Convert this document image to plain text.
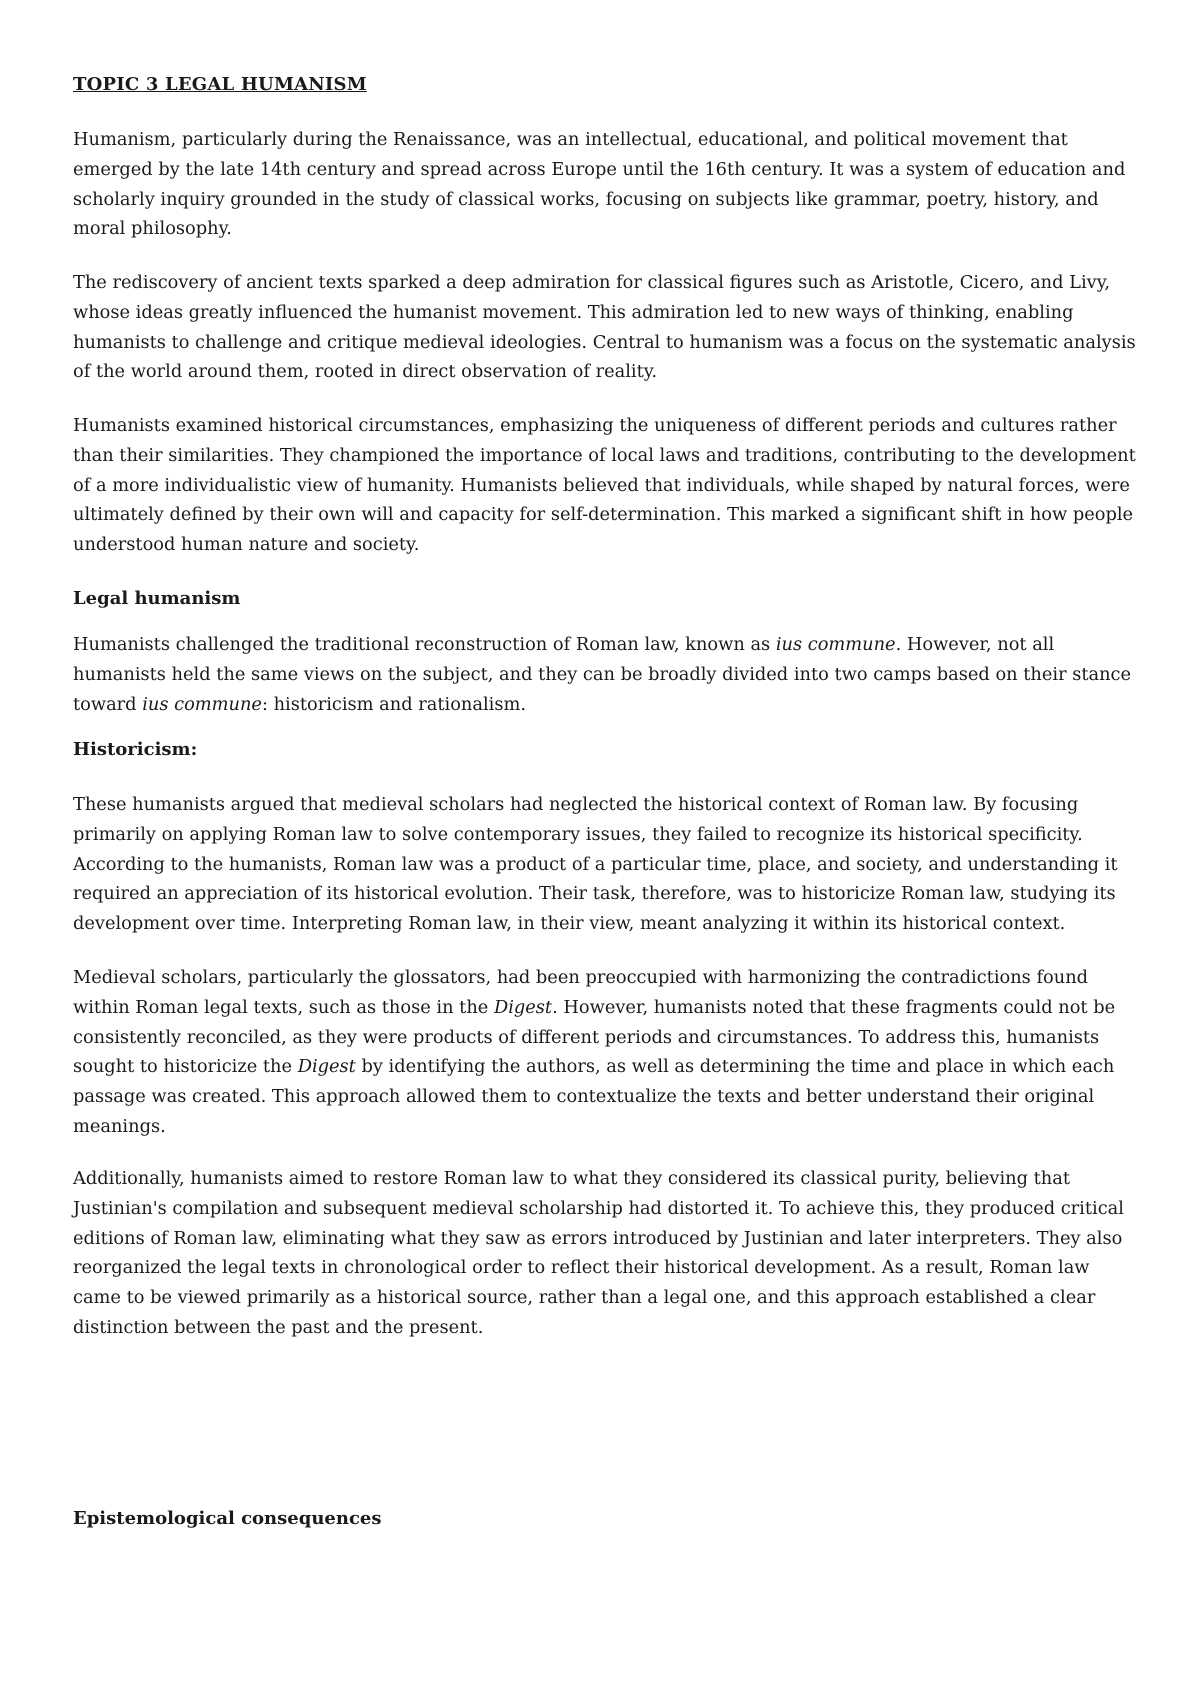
TOPIC 3 LEGAL HUMANISM
Humanism, particularly during the Renaissance, was an intellectual, educational, and political movement that emerged by the late 14th century and spread across Europe until the 16th century. It was a system of education and scholarly inquiry grounded in the study of classical works, focusing on subjects like grammar, poetry, history, and moral philosophy.
The rediscovery of ancient texts sparked a deep admiration for classical figures such as Aristotle, Cicero, and Livy, whose ideas greatly influenced the humanist movement. This admiration led to new ways of thinking, enabling humanists to challenge and critique medieval ideologies. Central to humanism was a focus on the systematic analysis of the world around them, rooted in direct observation of reality.
Humanists examined historical circumstances, emphasizing the uniqueness of different periods and cultures rather than their similarities. They championed the importance of local laws and traditions, contributing to the development of a more individualistic view of humanity. Humanists believed that individuals, while shaped by natural forces, were ultimately defined by their own will and capacity for self-determination. This marked a significant shift in how people understood human nature and society.
Legal humanism
Humanists challenged the traditional reconstruction of Roman law, known as ius commune. However, not all humanists held the same views on the subject, and they can be broadly divided into two camps based on their stance toward ius commune: historicism and rationalism.
Historicism:
These humanists argued that medieval scholars had neglected the historical context of Roman law. By focusing primarily on applying Roman law to solve contemporary issues, they failed to recognize its historical specificity. According to the humanists, Roman law was a product of a particular time, place, and society, and understanding it required an appreciation of its historical evolution. Their task, therefore, was to historicize Roman law, studying its development over time. Interpreting Roman law, in their view, meant analyzing it within its historical context.
Medieval scholars, particularly the glossators, had been preoccupied with harmonizing the contradictions found within Roman legal texts, such as those in the Digest. However, humanists noted that these fragments could not be consistently reconciled, as they were products of different periods and circumstances. To address this, humanists sought to historicize the Digest by identifying the authors, as well as determining the time and place in which each passage was created. This approach allowed them to contextualize the texts and better understand their original meanings.
Additionally, humanists aimed to restore Roman law to what they considered its classical purity, believing that Justinian's compilation and subsequent medieval scholarship had distorted it. To achieve this, they produced critical editions of Roman law, eliminating what they saw as errors introduced by Justinian and later interpreters. They also reorganized the legal texts in chronological order to reflect their historical development. As a result, Roman law came to be viewed primarily as a historical source, rather than a legal one, and this approach established a clear distinction between the past and the present.
Epistemological consequences
